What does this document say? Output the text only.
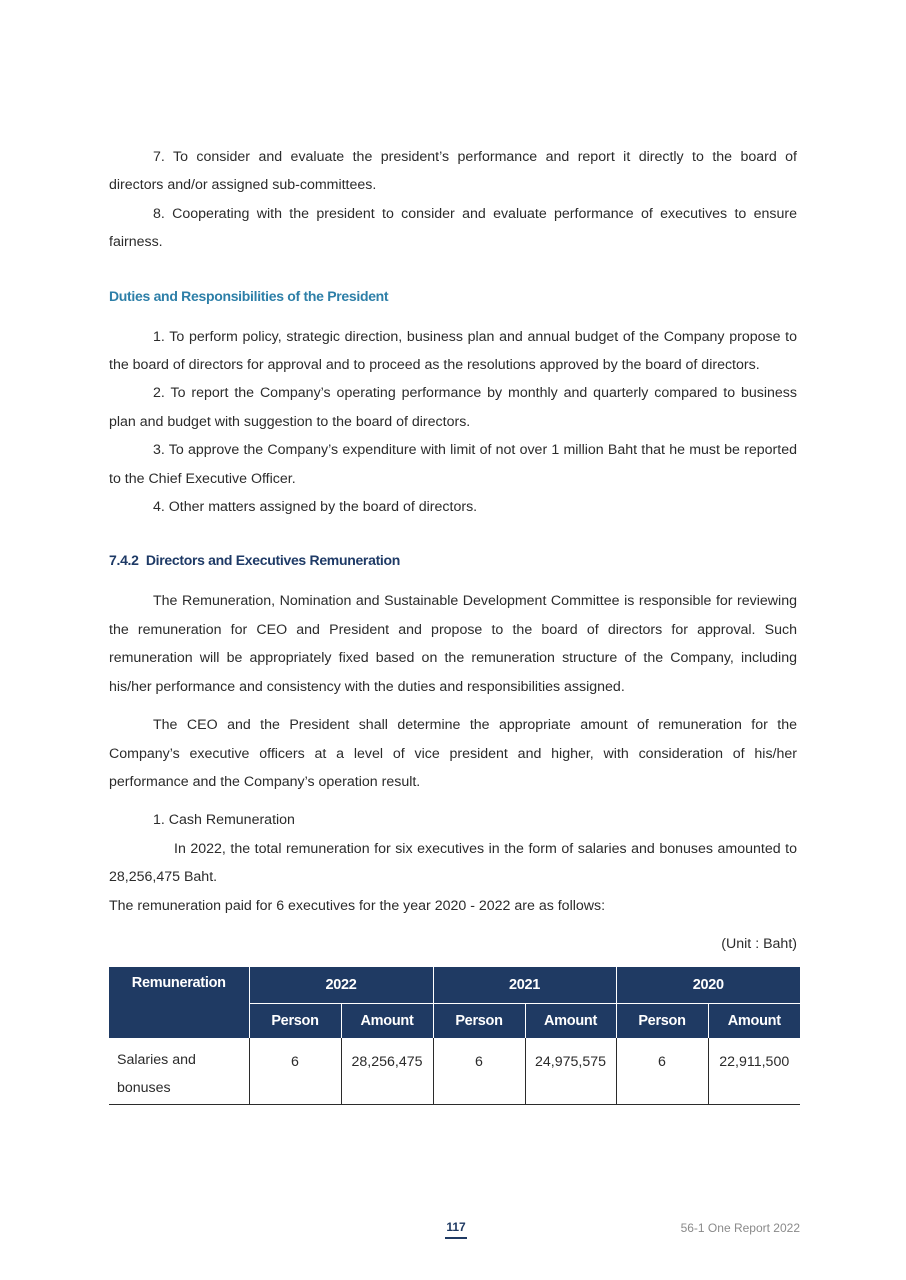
7. To consider and evaluate the president’s performance and report it directly to the board of

directors and/or assigned sub-committees.

8. Cooperating with the president to consider and evaluate performance of executives to ensure

fairness.

Duties and Responsibilities of the President

1. To perform policy, strategic direction, business plan and annual budget of the Company propose to the board of directors for approval and to proceed as the resolutions approved by the board of directors.

2. To report the Company’s operating performance by monthly and quarterly compared to business plan and budget with suggestion to the board of directors.

3. To approve the Company’s expenditure with limit of not over 1 million Baht that he must be reported to the Chief Executive Officer.

4. Other matters assigned by the board of directors.

7.4.2  Directors and Executives Remuneration

The Remuneration, Nomination and Sustainable Development Committee is responsible for reviewing the remuneration for CEO and President and propose to the board of directors for approval. Such remuneration will be appropriately fixed based on the remuneration structure of the Company, including his/her performance and consistency with the duties and responsibilities assigned.

The CEO and the President shall determine the appropriate amount of remuneration for the Company’s executive officers at a level of vice president and higher, with consideration of his/her performance and the Company’s operation result.

1. Cash Remuneration

In 2022, the total remuneration for six executives in the form of salaries and bonuses amounted to 28,256,475 Baht.

The remuneration paid for 6 executives for the year 2020 - 2022 are as follows:

(Unit : Baht)

Remuneration	2022		2021		2020	
	Person	Amount	Person	Amount	Person	Amount
Salaries and bonuses	6	28,256,475	6	24,975,575	6	22,911,500
117	56-1 One Report 2022
